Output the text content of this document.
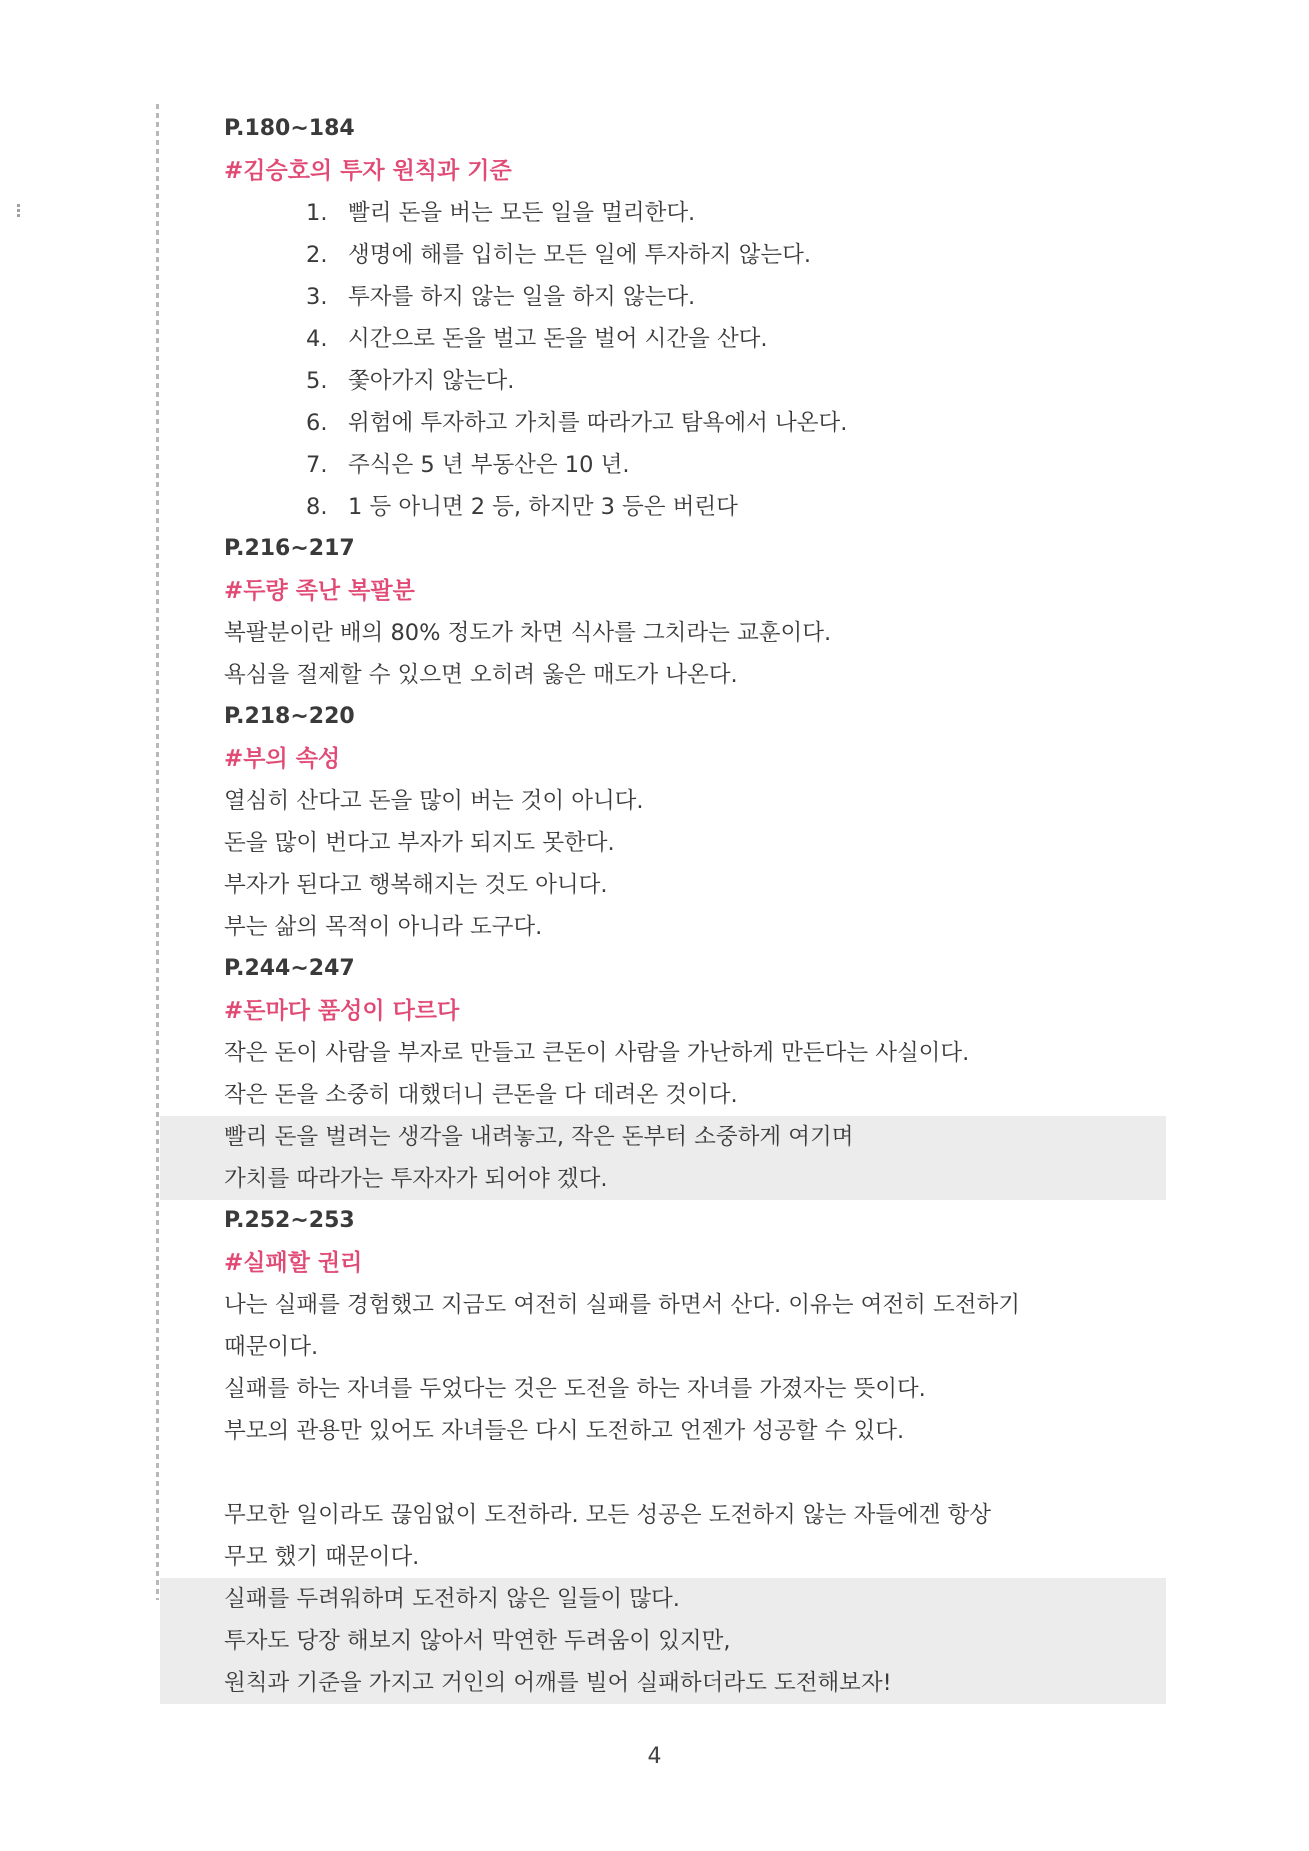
P.180~184
#김승호의 투자 원칙과 기준
1. 빨리 돈을 버는 모든 일을 멀리한다.
2. 생명에 해를 입히는 모든 일에 투자하지 않는다.
3. 투자를 하지 않는 일을 하지 않는다.
4. 시간으로 돈을 벌고 돈을 벌어 시간을 산다.
5. 쫓아가지 않는다.
6. 위험에 투자하고 가치를 따라가고 탐욕에서 나온다.
7. 주식은 5 년 부동산은 10 년.
8. 1 등 아니면 2 등, 하지만 3 등은 버린다
P.216~217
#두량 족난 복팔분
복팔분이란 배의 80% 정도가 차면 식사를 그치라는 교훈이다.
욕심을 절제할 수 있으면 오히려 옳은 매도가 나온다.
P.218~220
#부의 속성
열심히 산다고 돈을 많이 버는 것이 아니다.
돈을 많이 번다고 부자가 되지도 못한다.
부자가 된다고 행복해지는 것도 아니다.
부는 삶의 목적이 아니라 도구다.
P.244~247
#돈마다 품성이 다르다
작은 돈이 사람을 부자로 만들고 큰돈이 사람을 가난하게 만든다는 사실이다.
작은 돈을 소중히 대했더니 큰돈을 다 데려온 것이다.
빨리 돈을 벌려는 생각을 내려놓고, 작은 돈부터 소중하게 여기며
가치를 따라가는 투자자가 되어야 겠다.
P.252~253
#실패할 권리
나는 실패를 경험했고 지금도 여전히 실패를 하면서 산다. 이유는 여전히 도전하기
때문이다.
실패를 하는 자녀를 두었다는 것은 도전을 하는 자녀를 가졌자는 뜻이다.
부모의 관용만 있어도 자녀들은 다시 도전하고 언젠가 성공할 수 있다.
무모한 일이라도 끊임없이 도전하라. 모든 성공은 도전하지 않는 자들에겐 항상
무모 했기 때문이다.
실패를 두려워하며 도전하지 않은 일들이 많다.
투자도 당장 해보지 않아서 막연한 두려움이 있지만,
원칙과 기준을 가지고 거인의 어깨를 빌어 실패하더라도 도전해보자!
4
